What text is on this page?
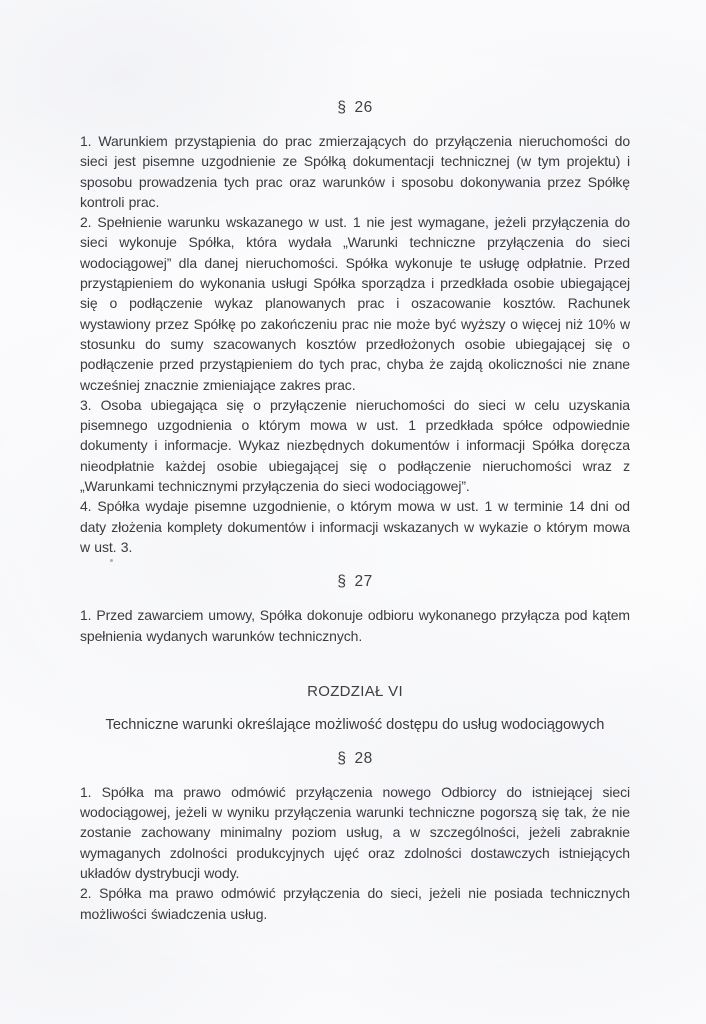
§ 26

1. Warunkiem przystąpienia do prac zmierzających do przyłączenia nieruchomości do sieci jest pisemne uzgodnienie ze Spółką dokumentacji technicznej (w tym projektu) i sposobu prowadzenia tych prac oraz warunków i sposobu dokonywania przez Spółkę kontroli prac.

2. Spełnienie warunku wskazanego w ust. 1 nie jest wymagane, jeżeli przyłączenia do sieci wykonuje Spółka, która wydała „Warunki techniczne przyłączenia do sieci wodociągowej” dla danej nieruchomości. Spółka wykonuje te usługę odpłatnie. Przed przystąpieniem do wykonania usługi Spółka sporządza i przedkłada osobie ubiegającej się o podłączenie wykaz planowanych prac i oszacowanie kosztów. Rachunek wystawiony przez Spółkę po zakończeniu prac nie może być wyższy o więcej niż 10% w stosunku do sumy szacowanych kosztów przedłożonych osobie ubiegającej się o podłączenie przed przystąpieniem do tych prac, chyba że zajdą okoliczności nie znane wcześniej znacznie zmieniające zakres prac.

3. Osoba ubiegająca się o przyłączenie nieruchomości do sieci w celu uzyskania pisemnego uzgodnienia o którym mowa w ust. 1 przedkłada spółce odpowiednie dokumenty i informacje. Wykaz niezbędnych dokumentów i informacji Spółka doręcza nieodpłatnie każdej osobie ubiegającej się o podłączenie nieruchomości wraz z „Warunkami technicznymi przyłączenia do sieci wodociągowej”.

4. Spółka wydaje pisemne uzgodnienie, o którym mowa w ust. 1 w terminie 14 dni od daty złożenia komplety dokumentów i informacji wskazanych w wykazie o którym mowa w ust. 3.

§ 27

1. Przed zawarciem umowy, Spółka dokonuje odbioru wykonanego przyłącza pod kątem spełnienia wydanych warunków technicznych.

ROZDZIAŁ VI

Techniczne warunki określające możliwość dostępu do usług wodociągowych

§ 28

1. Spółka ma prawo odmówić przyłączenia nowego Odbiorcy do istniejącej sieci wodociągowej, jeżeli w wyniku przyłączenia warunki techniczne pogorszą się tak, że nie zostanie zachowany minimalny poziom usług, a w szczególności, jeżeli zabraknie wymaganych zdolności produkcyjnych ujęć oraz zdolności dostawczych istniejących układów dystrybucji wody.

2. Spółka ma prawo odmówić przyłączenia do sieci, jeżeli nie posiada technicznych możliwości świadczenia usług.
